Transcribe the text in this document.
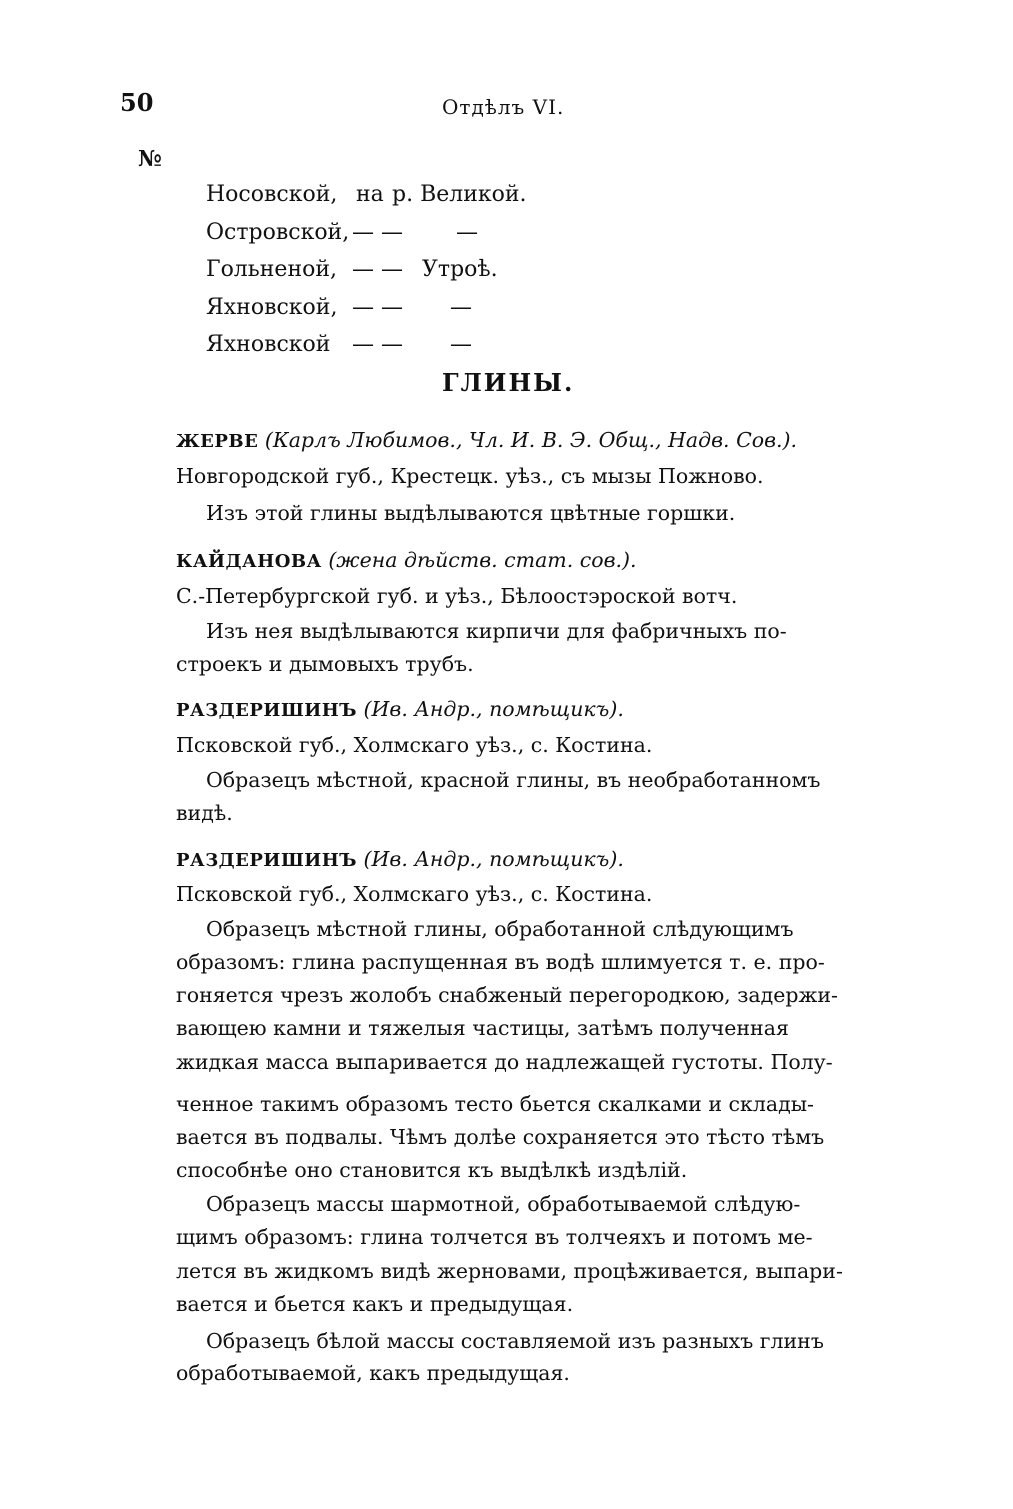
50	Отдѣлъ VI.
№
Носовской, на р. Великой.
Островской, — — —
Гольненой, — — Утроѣ.
Яхновской, — — —
Яхновской — — —
ГЛИНЫ.
ЖЕРВЕ (Карлъ Любимов., Чл. И. В. Э. Общ., Надв. Сов.).
Новгородской губ., Крестецк. уѣз., съ мызы Пожново.
Изъ этой глины выдѣлываются цвѣтные горшки.
КАЙДАНОВА (жена дѣйств. стат. сов.).
С.-Петербургской губ. и уѣз., Бѣлоостэроской вотч.
Изъ нея выдѣлываются кирпичи для фабричныхъ по-
строекъ и дымовыхъ трубъ.
РАЗДЕРИШИНЪ (Ив. Андр., помѣщикъ).
Псковской губ., Холмскаго уѣз., с. Костина.
Образецъ мѣстной, красной глины, въ необработанномъ
видѣ.
РАЗДЕРИШИНЪ (Ив. Андр., помѣщикъ).
Псковской губ., Холмскаго уѣз., с. Костина.
Образецъ мѣстной глины, обработанной слѣдующимъ
образомъ: глина распущенная въ водѣ шлимуется т. е. про-
гоняется чрезъ жолобъ снабженый перегородкою, задержи-
вающею камни и тяжелыя частицы, затѣмъ полученная
жидкая масса выпаривается до надлежащей густоты. Полу-
ченное такимъ образомъ тесто бьется скалками и склады-
вается въ подвалы. Чѣмъ долѣе сохраняется это тѣсто тѣмъ
способнѣе оно становится къ выдѣлкѣ издѣлій.
Образецъ массы шармотной, обработываемой слѣдую-
щимъ образомъ: глина толчется въ толчеяхъ и потомъ ме-
лется въ жидкомъ видѣ жерновами, процѣживается, выпари-
вается и бьется какъ и предыдущая.
Образецъ бѣлой массы составляемой изъ разныхъ глинъ
обработываемой, какъ предыдущая.
